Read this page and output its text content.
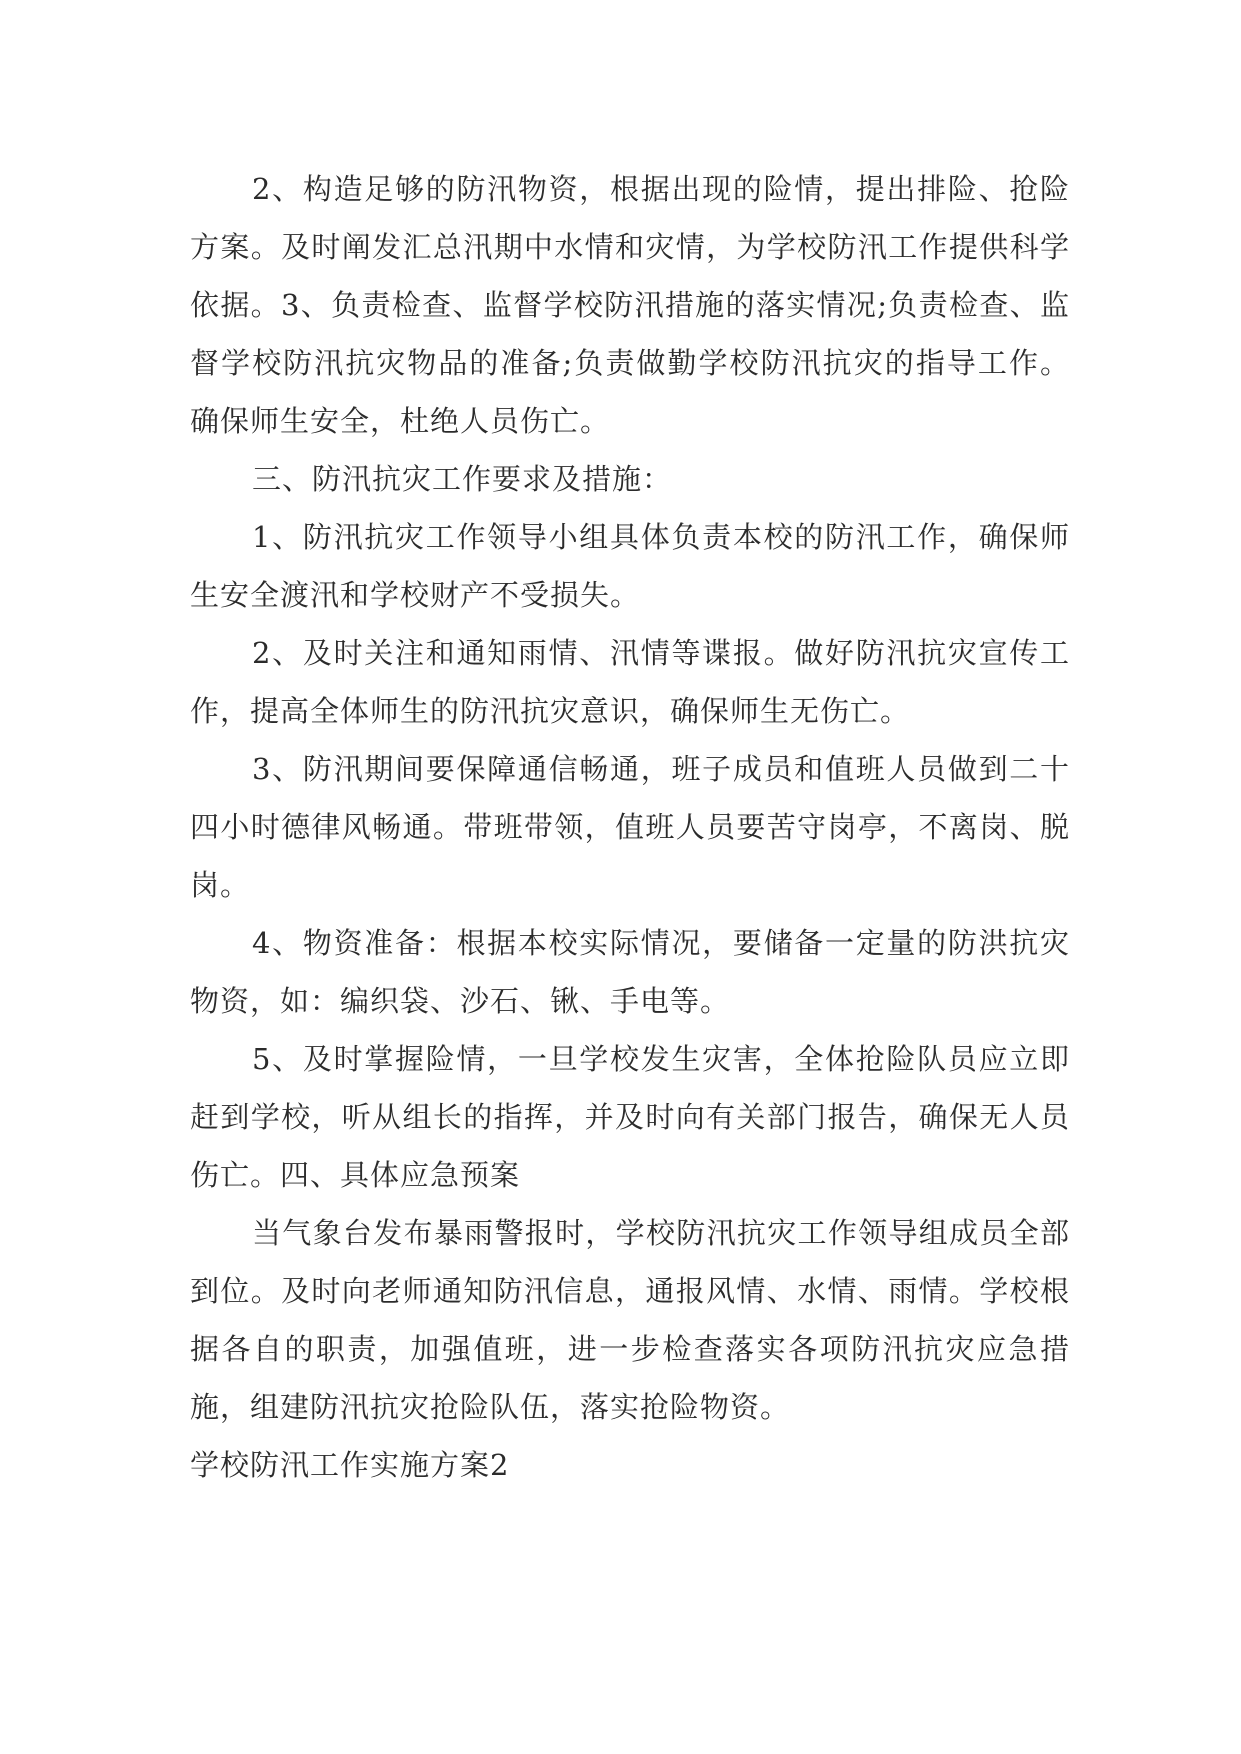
2、构造足够的防汛物资，根据出现的险情，提出排险、抢险方案。及时阐发汇总汛期中水情和灾情，为学校防汛工作提供科学依据。3、负责检查、监督学校防汛措施的落实情况;负责检查、监督学校防汛抗灾物品的准备;负责做勤学校防汛抗灾的指导工作。确保师生安全，杜绝人员伤亡。

三、防汛抗灾工作要求及措施：

1、防汛抗灾工作领导小组具体负责本校的防汛工作，确保师生安全渡汛和学校财产不受损失。

2、及时关注和通知雨情、汛情等谍报。做好防汛抗灾宣传工作，提高全体师生的防汛抗灾意识，确保师生无伤亡。

3、防汛期间要保障通信畅通，班子成员和值班人员做到二十四小时德律风畅通。带班带领，值班人员要苦守岗亭，不离岗、脱岗。

4、物资准备：根据本校实际情况，要储备一定量的防洪抗灾物资，如：编织袋、沙石、锹、手电等。

5、及时掌握险情，一旦学校发生灾害，全体抢险队员应立即赶到学校，听从组长的指挥，并及时向有关部门报告，确保无人员伤亡。四、具体应急预案

当气象台发布暴雨警报时，学校防汛抗灾工作领导组成员全部到位。及时向老师通知防汛信息，通报风情、水情、雨情。学校根据各自的职责，加强值班，进一步检查落实各项防汛抗灾应急措施，组建防汛抗灾抢险队伍，落实抢险物资。

学校防汛工作实施方案2
